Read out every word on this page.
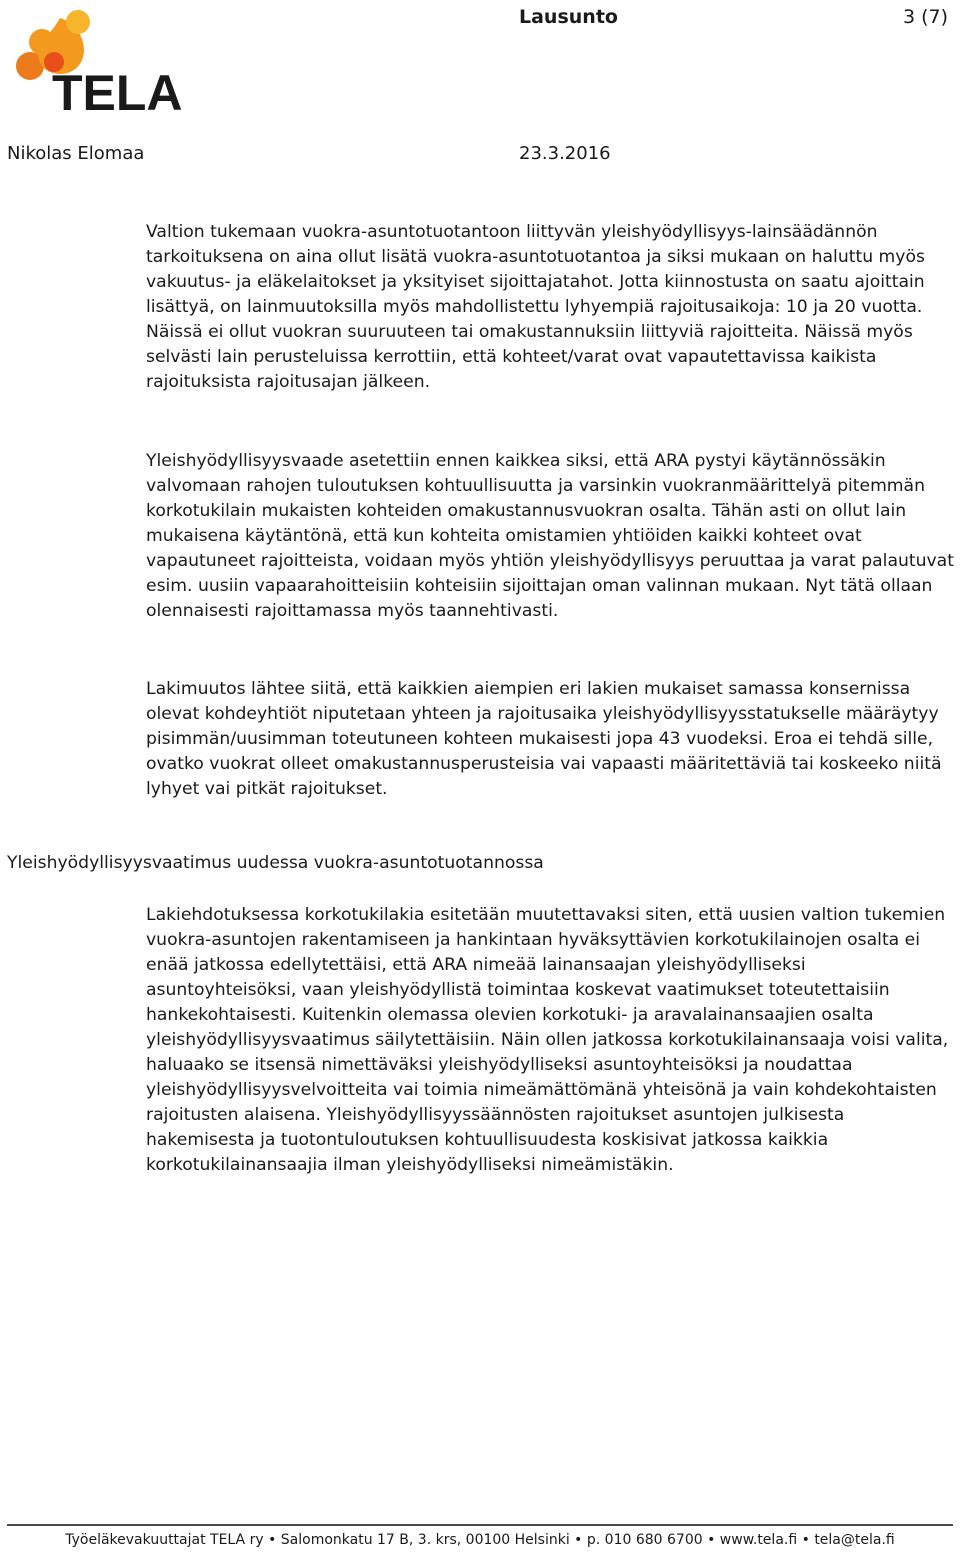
TELA
Lausunto	3 (7)
Nikolas Elomaa	23.3.2016

Valtion tukemaan vuokra-asuntotuotantoon liittyvän yleishyödyllisyys-lainsäädännön tarkoituksena on aina ollut lisätä vuokra-asuntotuotantoa ja siksi mukaan on haluttu myös vakuutus- ja eläkelaitokset ja yksityiset sijoittajatahot. Jotta kiinnostusta on saatu ajoittain lisättyä, on lainmuutoksilla myös mahdollistettu lyhyempiä rajoitusaikoja: 10 ja 20 vuotta. Näissä ei ollut vuokran suuruuteen tai omakustannuksiin liittyviä rajoitteita. Näissä myös selvästi lain perusteluissa kerrottiin, että kohteet/varat ovat vapautettavissa kaikista rajoituksista rajoitusajan jälkeen.

Yleishyödyllisyysvaade asetettiin ennen kaikkea siksi, että ARA pystyi käytännössäkin valvomaan rahojen tuloutuksen kohtuullisuutta ja varsinkin vuokranmäärittelyä pitemmän korkotukilain mukaisten kohteiden omakustannusvuokran osalta. Tähän asti on ollut lain mukaisena käytäntönä, että kun kohteita omistamien yhtiöiden kaikki kohteet ovat vapautuneet rajoitteista, voidaan myös yhtiön yleishyödyllisyys peruuttaa ja varat palautuvat esim. uusiin vapaarahoitteisiin kohteisiin sijoittajan oman valinnan mukaan. Nyt tätä ollaan olennaisesti rajoittamassa myös taannehtivasti.

Lakimuutos lähtee siitä, että kaikkien aiempien eri lakien mukaiset samassa konsernissa olevat kohdeyhtiöt niputetaan yhteen ja rajoitusaika yleishyödyllisyysstatukselle määräytyy pisimmän/uusimman toteutuneen kohteen mukaisesti jopa 43 vuodeksi. Eroa ei tehdä sille, ovatko vuokrat olleet omakustannusperusteisia vai vapaasti määritettäviä tai koskeeko niitä lyhyet vai pitkät rajoitukset.

Yleishyödyllisyysvaatimus uudessa vuokra-asuntotuotannossa

Lakiehdotuksessa korkotukilakia esitetään muutettavaksi siten, että uusien valtion tukemien vuokra-asuntojen rakentamiseen ja hankintaan hyväksyttävien korkotukilainojen osalta ei enää jatkossa edellytettäisi, että ARA nimeää lainansaajan yleishyödylliseksi asuntoyhteisöksi, vaan yleishyödyllistä toimintaa koskevat vaatimukset toteutettaisiin hankekohtaisesti. Kuitenkin olemassa olevien korkotuki- ja aravalainansaajien osalta yleishyödyllisyysvaatimus säilytettäisiin. Näin ollen jatkossa korkotukilainansaaja voisi valita, haluaako se itsensä nimettäväksi yleishyödylliseksi asuntoyhteisöksi ja noudattaa yleishyödyllisyysvelvoitteita vai toimia nimeämättömänä yhteisönä ja vain kohdekohtaisten rajoitusten alaisena. Yleishyödyllisyyssäännösten rajoitukset asuntojen julkisesta hakemisesta ja tuotontuloutuksen kohtuullisuudesta koskisivat jatkossa kaikkia korkotukilainansaajia ilman yleishyödylliseksi nimeämistäkin.

Työeläkevakuuttajat TELA ry • Salomonkatu 17 B, 3. krs, 00100 Helsinki • p. 010 680 6700 • www.tela.fi • tela@tela.fi
